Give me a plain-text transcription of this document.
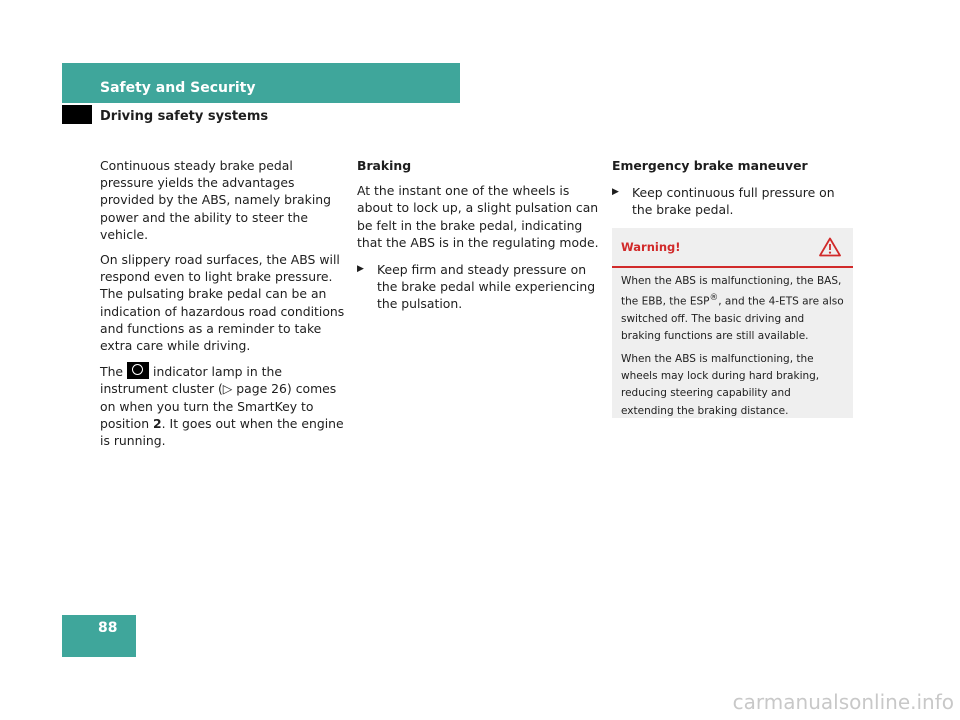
Safety and Security
Driving safety systems

Continuous steady brake pedal pressure yields the advantages provided by the ABS, namely braking power and the ability to steer the vehicle.

On slippery road surfaces, the ABS will respond even to light brake pressure. The pulsating brake pedal can be an indication of hazardous road conditions and functions as a reminder to take extra care while driving.

The indicator lamp in the instrument cluster (▷ page 26) comes on when you turn the SmartKey to position 2. It goes out when the engine is running.

Braking

At the instant one of the wheels is about to lock up, a slight pulsation can be felt in the brake pedal, indicating that the ABS is in the regulating mode.

▶	Keep firm and steady pressure on the brake pedal while experiencing the pulsation.

Emergency brake maneuver

▶	Keep continuous full pressure on the brake pedal.
Warning!

When the ABS is malfunctioning, the BAS, the EBB, the ESP®, and the 4-ETS are also switched off. The basic driving and braking functions are still available.

When the ABS is malfunctioning, the wheels may lock during hard braking, reducing steering capability and extending the braking distance.

88
carmanualsonline.info
